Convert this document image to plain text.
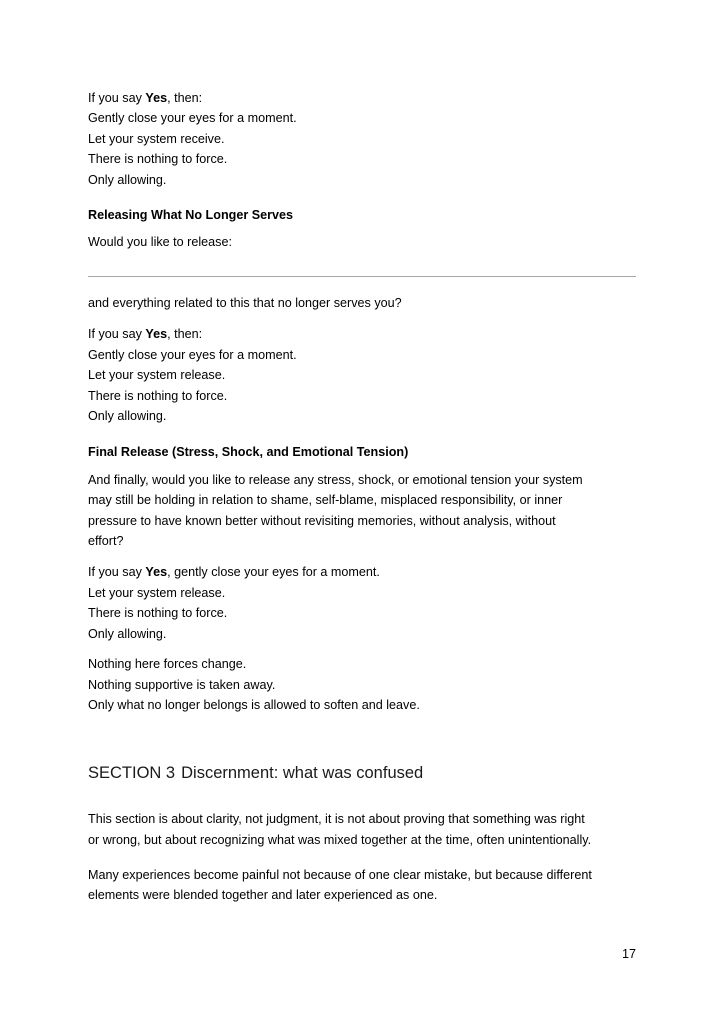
If you say Yes, then:
Gently close your eyes for a moment.
Let your system receive.
There is nothing to force.
Only allowing.
Releasing What No Longer Serves
Would you like to release:
and everything related to this that no longer serves you?
If you say Yes, then:
Gently close your eyes for a moment.
Let your system release.
There is nothing to force.
Only allowing.
Final Release (Stress, Shock, and Emotional Tension)
And finally, would you like to release any stress, shock, or emotional tension your system
may still be holding in relation to shame, self-blame, misplaced responsibility, or inner
pressure to have known better without revisiting memories, without analysis, without
effort?
If you say Yes, gently close your eyes for a moment.
Let your system release.
There is nothing to force.
Only allowing.
Nothing here forces change.
Nothing supportive is taken away.
Only what no longer belongs is allowed to soften and leave.
SECTION 3 Discernment: what was confused
This section is about clarity, not judgment, it is not about proving that something was right
or wrong, but about recognizing what was mixed together at the time, often unintentionally.
Many experiences become painful not because of one clear mistake, but because different
elements were blended together and later experienced as one.
17
